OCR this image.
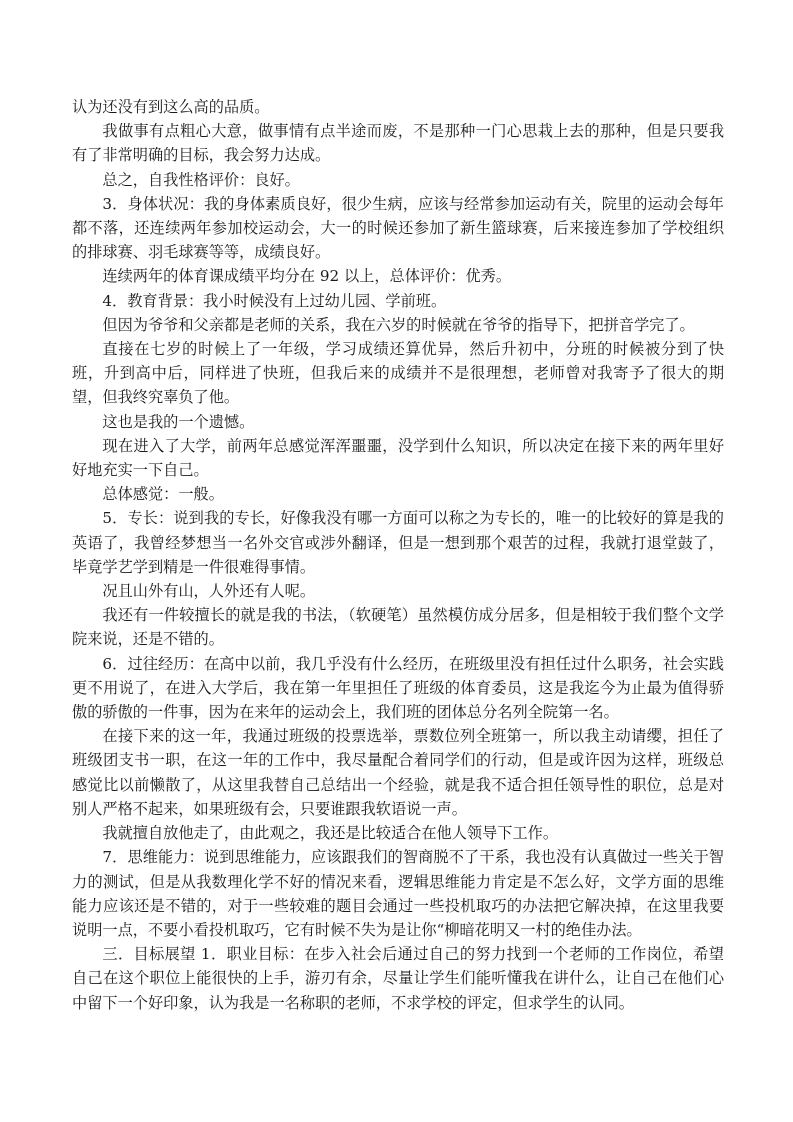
认为还没有到这么高的品质。

我做事有点粗心大意，做事情有点半途而废，不是那种一门心思栽上去的那种，但是只要我有了非常明确的目标，我会努力达成。

总之，自我性格评价：良好。

3．身体状况：我的身体素质良好，很少生病，应该与经常参加运动有关，院里的运动会每年都不落，还连续两年参加校运动会，大一的时候还参加了新生篮球赛，后来接连参加了学校组织的排球赛、羽毛球赛等等，成绩良好。

连续两年的体育课成绩平均分在 92 以上，总体评价：优秀。

4．教育背景：我小时候没有上过幼儿园、学前班。

但因为爷爷和父亲都是老师的关系，我在六岁的时候就在爷爷的指导下，把拼音学完了。

直接在七岁的时候上了一年级，学习成绩还算优异，然后升初中，分班的时候被分到了快班，升到高中后，同样进了快班，但我后来的成绩并不是很理想，老师曾对我寄予了很大的期望，但我终究辜负了他。

这也是我的一个遗憾。

现在进入了大学，前两年总感觉浑浑噩噩，没学到什么知识，所以决定在接下来的两年里好好地充实一下自己。

总体感觉：一般。

5．专长：说到我的专长，好像我没有哪一方面可以称之为专长的，唯一的比较好的算是我的英语了，我曾经梦想当一名外交官或涉外翻译，但是一想到那个艰苦的过程，我就打退堂鼓了，毕竟学艺学到精是一件很难得事情。

况且山外有山，人外还有人呢。

我还有一件较擅长的就是我的书法，（软硬笔）虽然模仿成分居多，但是相较于我们整个文学院来说，还是不错的。

6．过往经历：在高中以前，我几乎没有什么经历，在班级里没有担任过什么职务，社会实践更不用说了，在进入大学后，我在第一年里担任了班级的体育委员，这是我迄今为止最为值得骄傲的骄傲的一件事，因为在来年的运动会上，我们班的团体总分名列全院第一名。

在接下来的这一年，我通过班级的投票选举，票数位列全班第一，所以我主动请缨，担任了班级团支书一职，在这一年的工作中，我尽量配合着同学们的行动，但是或许因为这样，班级总感觉比以前懒散了，从这里我替自己总结出一个经验，就是我不适合担任领导性的职位，总是对别人严格不起来，如果班级有会，只要谁跟我软语说一声。

我就擅自放他走了，由此观之，我还是比较适合在他人领导下工作。

7．思维能力：说到思维能力，应该跟我们的智商脱不了干系，我也没有认真做过一些关于智力的测试，但是从我数理化学不好的情况来看，逻辑思维能力肯定是不怎么好，文学方面的思维能力应该还是不错的，对于一些较难的题目会通过一些投机取巧的办法把它解决掉，在这里我要说明一点，不要小看投机取巧，它有时候不失为是让你“柳暗花明又一村的绝佳办法。

三．目标展望 1．职业目标：在步入社会后通过自己的努力找到一个老师的工作岗位，希望自己在这个职位上能很快的上手，游刃有余，尽量让学生们能听懂我在讲什么，让自己在他们心中留下一个好印象，认为我是一名称职的老师，不求学校的评定，但求学生的认同。
